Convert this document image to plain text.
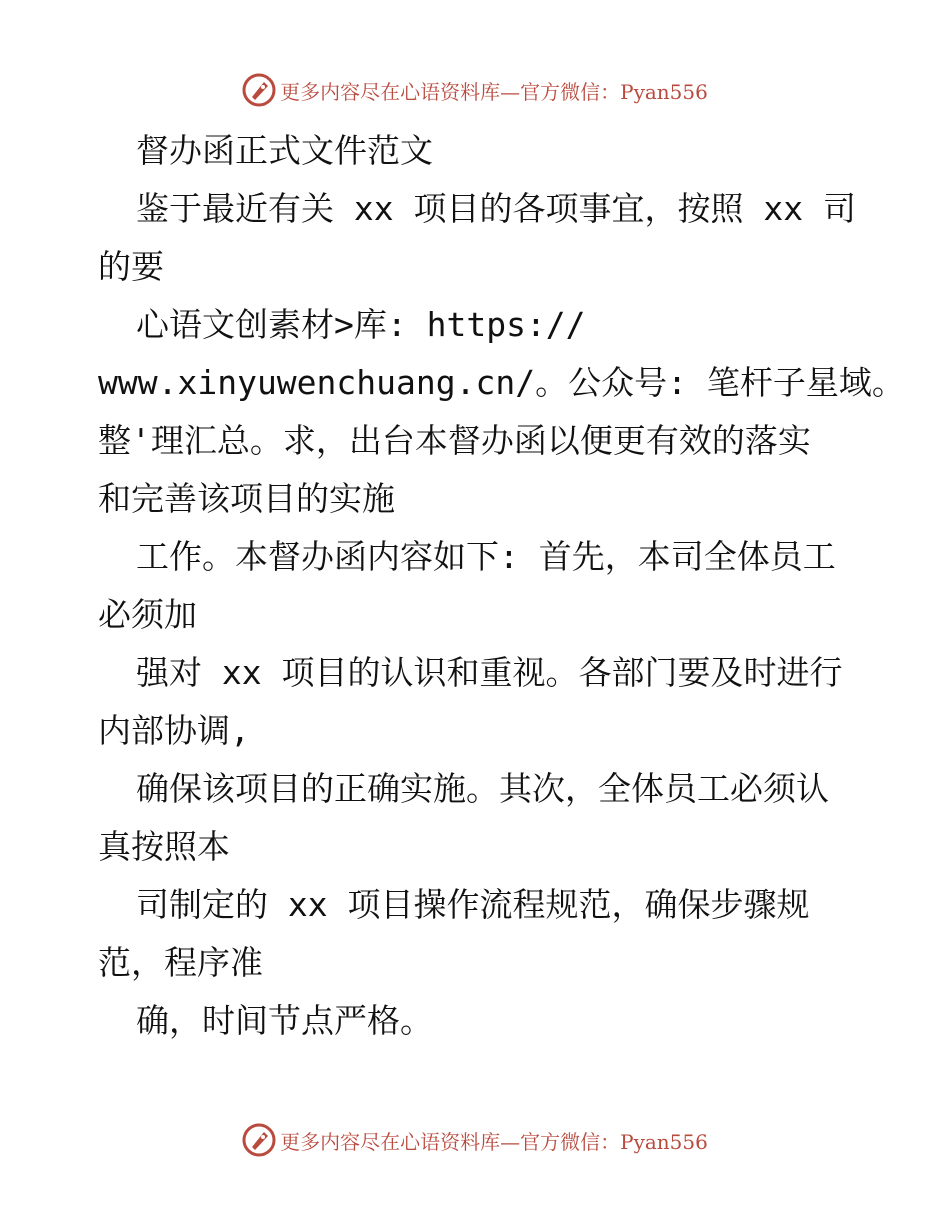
更多内容尽在心语资料库 —官方微信：Pyan556
督办函正式文件范文
鉴于最近有关 xx 项目的各项事宜，按照 xx 司
的要
心语文创素材>库: https://
www.xinyuwenchuang.cn/。公众号: 笔杆子星域。
整'理汇总。求，出台本督办函以便更有效的落实
和完善该项目的实施
工作。本督办函内容如下: 首先，本司全体员工
必须加
强对 xx 项目的认识和重视。各部门要及时进行
内部协调,
确保该项目的正确实施。其次，全体员工必须认
真按照本
司制定的 xx 项目操作流程规范，确保步骤规
范，程序准
确，时间节点严格。
更多内容尽在心语资料库 —官方微信：Pyan556
